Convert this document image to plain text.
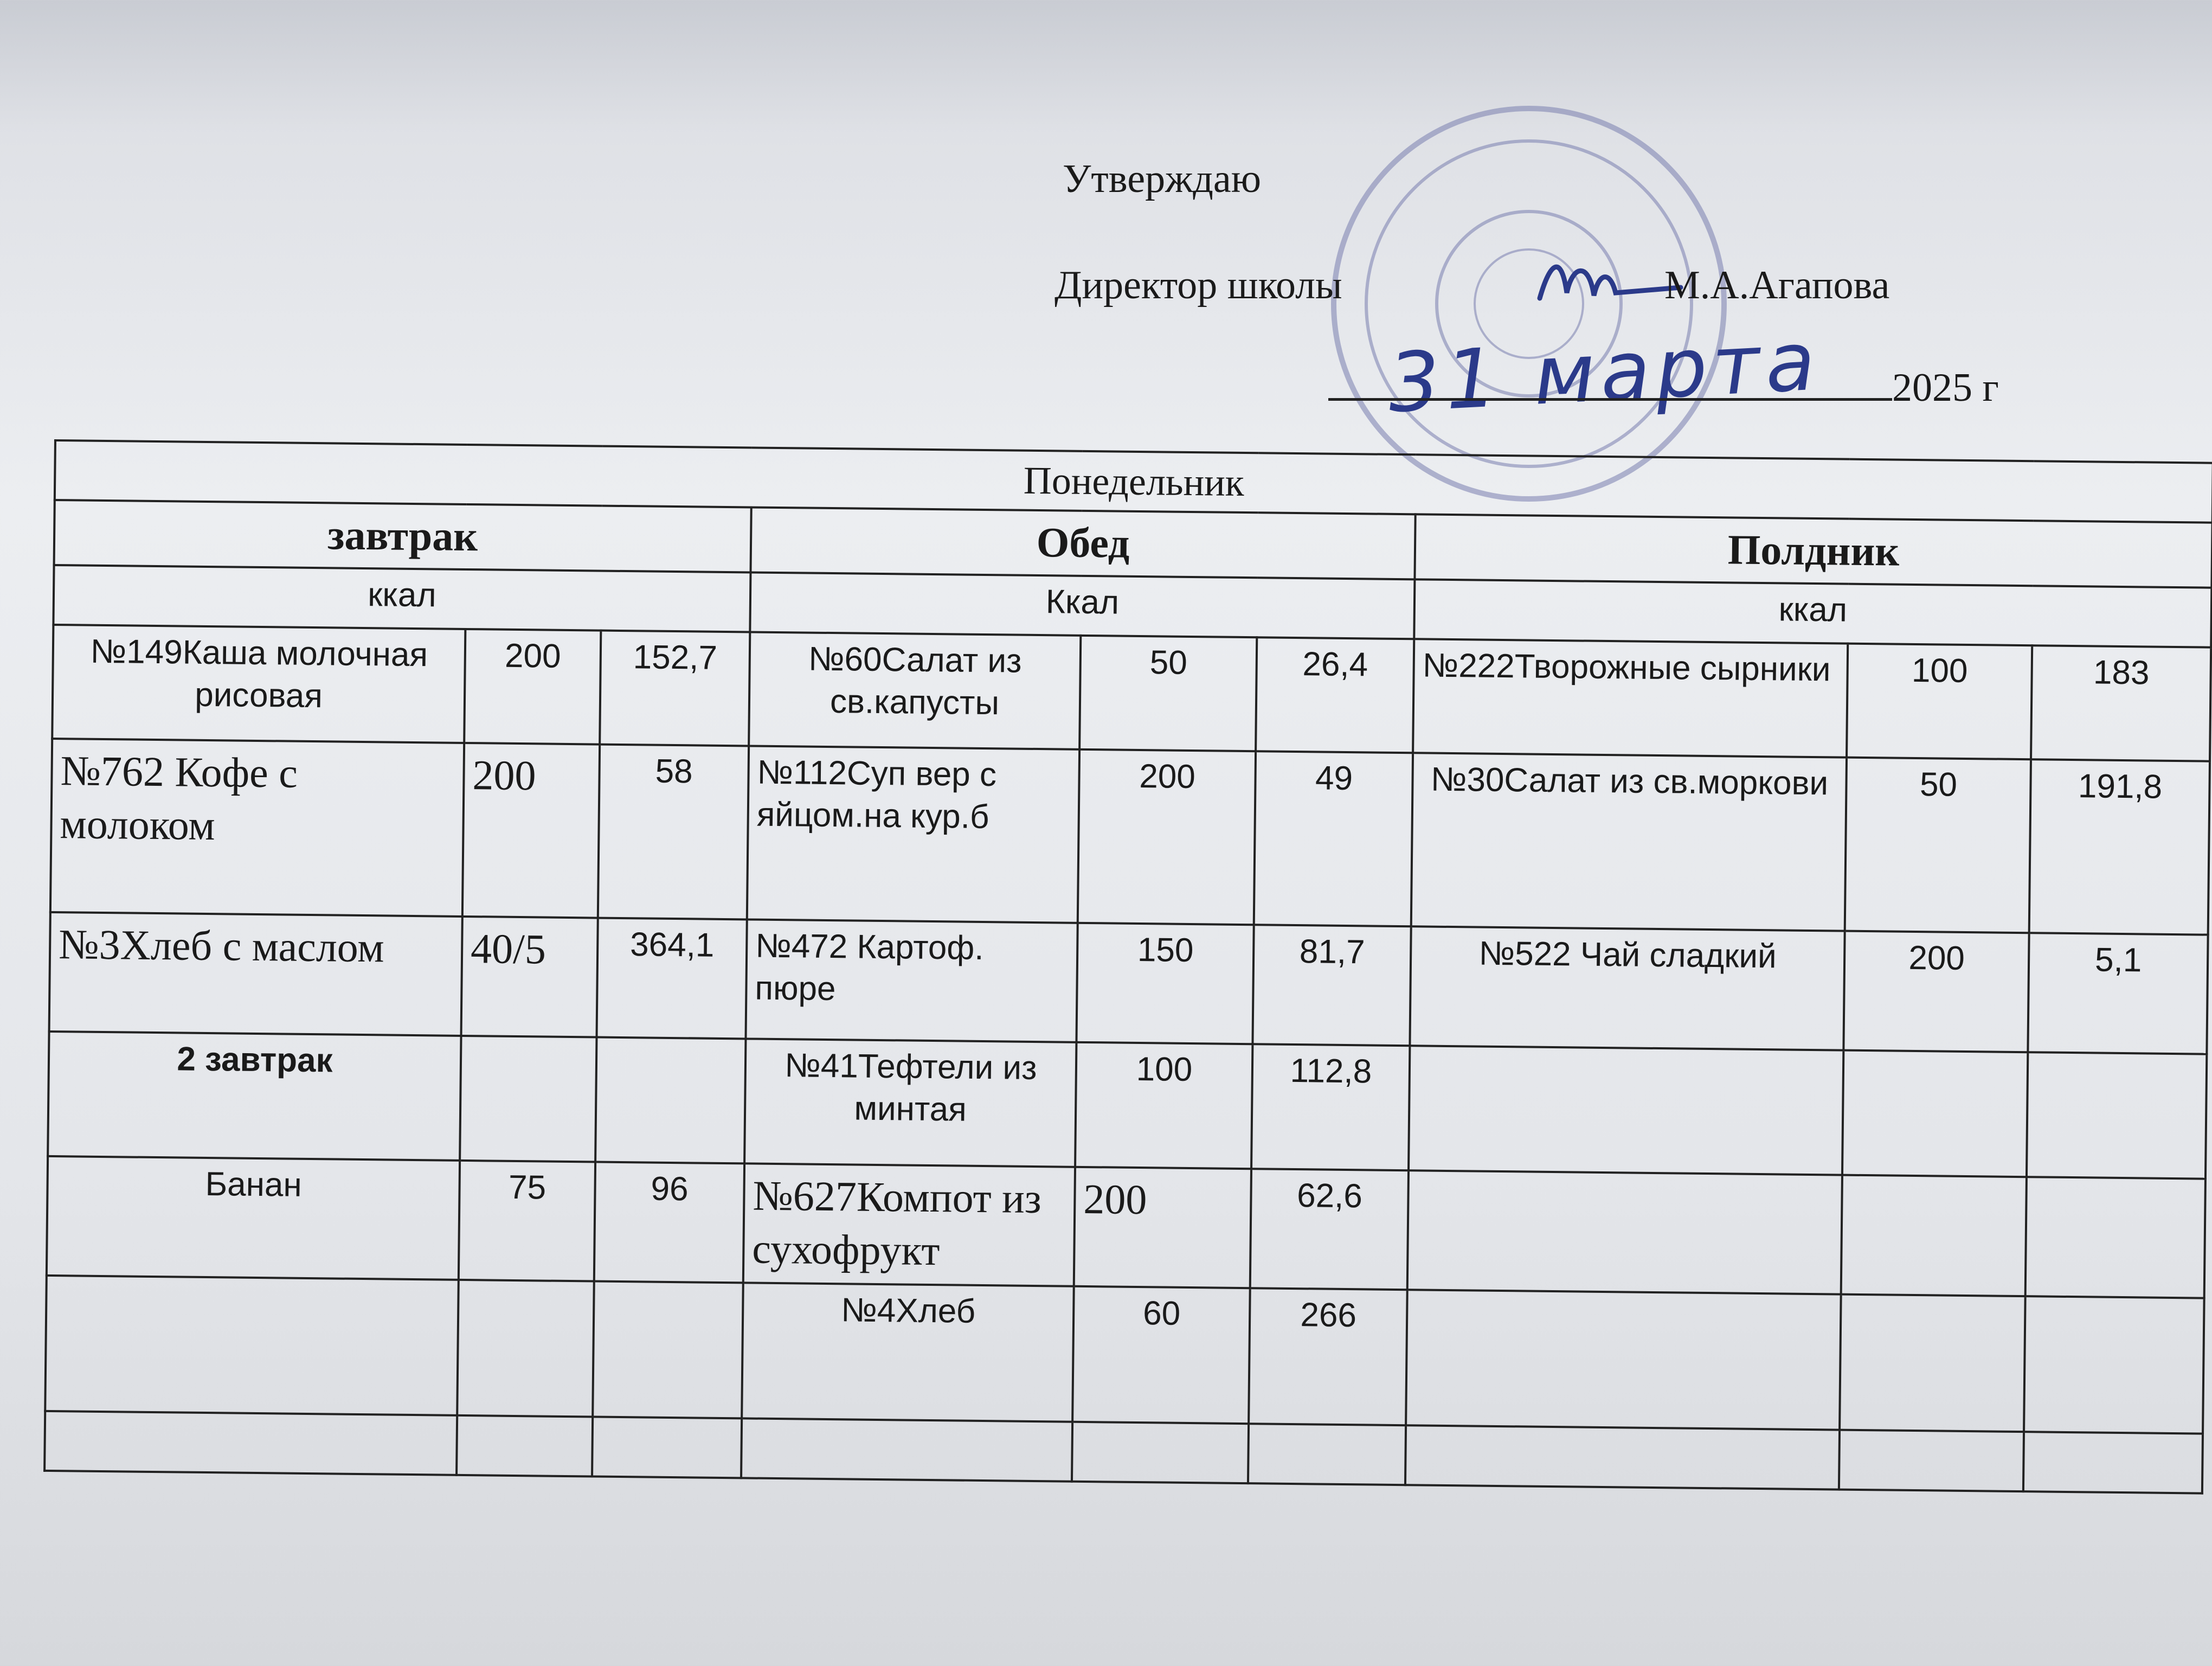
Утверждаю
Директор школы	М.А.Агапова
31 марта	2025 г
Понедельник								
завтрак			Обед			Полдник		
ккал			Ккал			ккал		
№149Каша молочная рисовая	200	152,7	№60Салат из св.капусты	50	26,4	№222Творожные сырники	100	183
№762 Кофе с молоком	200	58	№112Суп вер с яйцом.на кур.б	200	49	№30Салат из св.моркови	50	191,8
№3Хлеб с маслом	40/5	364,1	№472 Картоф. пюре	150	81,7	№522 Чай сладкий	200	5,1
2 завтрак			№41Тефтели из минтая	100	112,8			
Банан	75	96	№627Компот из сухофрукт	200	62,6			
			№4Хлеб	60	266			
